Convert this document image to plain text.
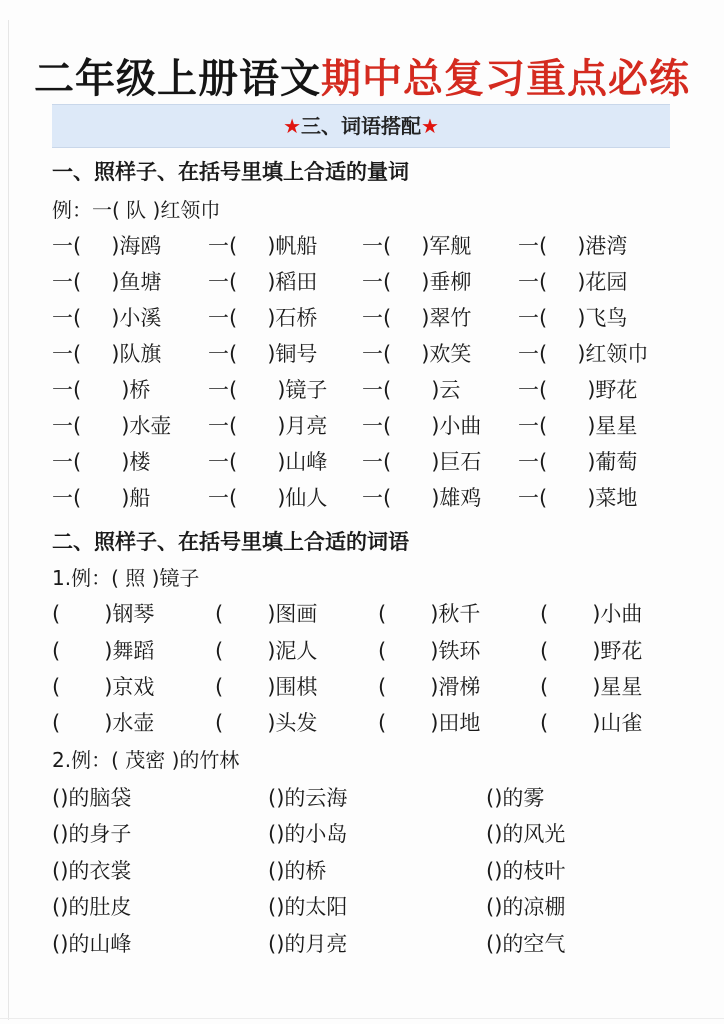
二年级上册语文期中总复习重点必练
★三、词语搭配★
一、照样子、在括号里填上合适的量词
例：一( 队 )红领巾
一( )海鸥 一( )帆船 一( )军舰 一( )港湾
一( )鱼塘 一( )稻田 一( )垂柳 一( )花园
一( )小溪 一( )石桥 一( )翠竹 一( )飞鸟
一( )队旗 一( )铜号 一( )欢笑 一( )红领巾
一( )桥	一( )镜子 一( )云	一( )野花
一( )水壶 一( )月亮 一( )小曲 一( )星星
一( )楼	一( )山峰 一( )巨石 一( )葡萄
一( )船	一( )仙人 一( )雄鸡 一( )菜地
二、照样子、在括号里填上合适的词语
1.例：( 照 )镜子
( )钢琴	( )图画	( )秋千	( )小曲
( )舞蹈	( )泥人	( )铁环	( )野花
( )京戏	( )围棋	( )滑梯	( )星星
( )水壶	( )头发	( )田地	( )山雀
2.例：( 茂密 )的竹林
()的脑袋	()的云海	()的雾
()的身子	()的小岛	()的风光
()的衣裳	()的桥	()的枝叶
()的肚皮	()的太阳	()的凉棚
()的山峰	()的月亮	()的空气
